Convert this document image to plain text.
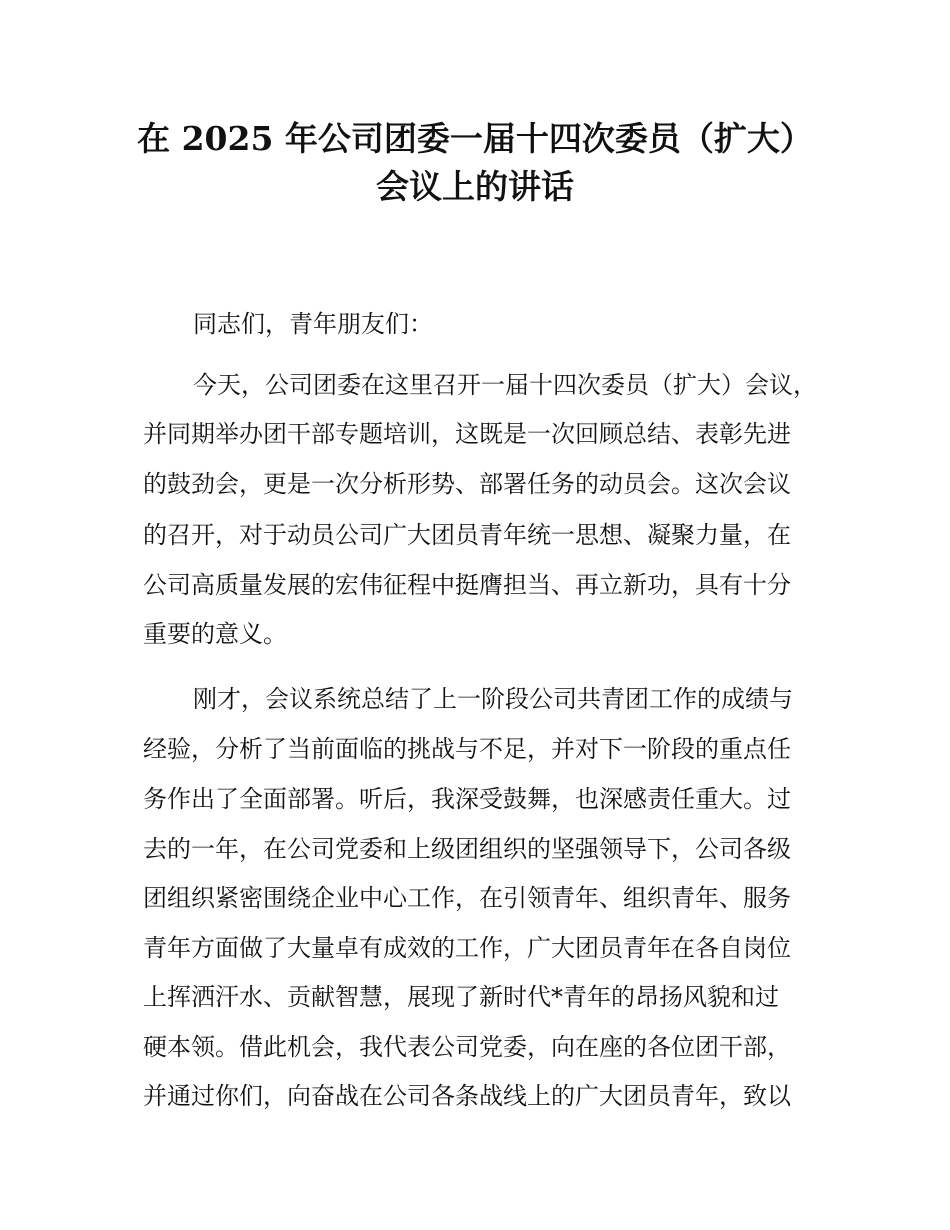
在 2025 年公司团委一届十四次委员（扩大）
会议上的讲话

同志们，青年朋友们：

今天，公司团委在这里召开一届十四次委员（扩大）会议，

并同期举办团干部专题培训，这既是一次回顾总结、表彰先进

的鼓劲会，更是一次分析形势、部署任务的动员会。这次会议

的召开，对于动员公司广大团员青年统一思想、凝聚力量，在

公司高质量发展的宏伟征程中挺膺担当、再立新功，具有十分

重要的意义。

刚才，会议系统总结了上一阶段公司共青团工作的成绩与

经验，分析了当前面临的挑战与不足，并对下一阶段的重点任

务作出了全面部署。听后，我深受鼓舞，也深感责任重大。过

去的一年，在公司党委和上级团组织的坚强领导下，公司各级

团组织紧密围绕企业中心工作，在引领青年、组织青年、服务

青年方面做了大量卓有成效的工作，广大团员青年在各自岗位

上挥洒汗水、贡献智慧，展现了新时代*青年的昂扬风貌和过

硬本领。借此机会，我代表公司党委，向在座的各位团干部，

并通过你们，向奋战在公司各条战线上的广大团员青年，致以
